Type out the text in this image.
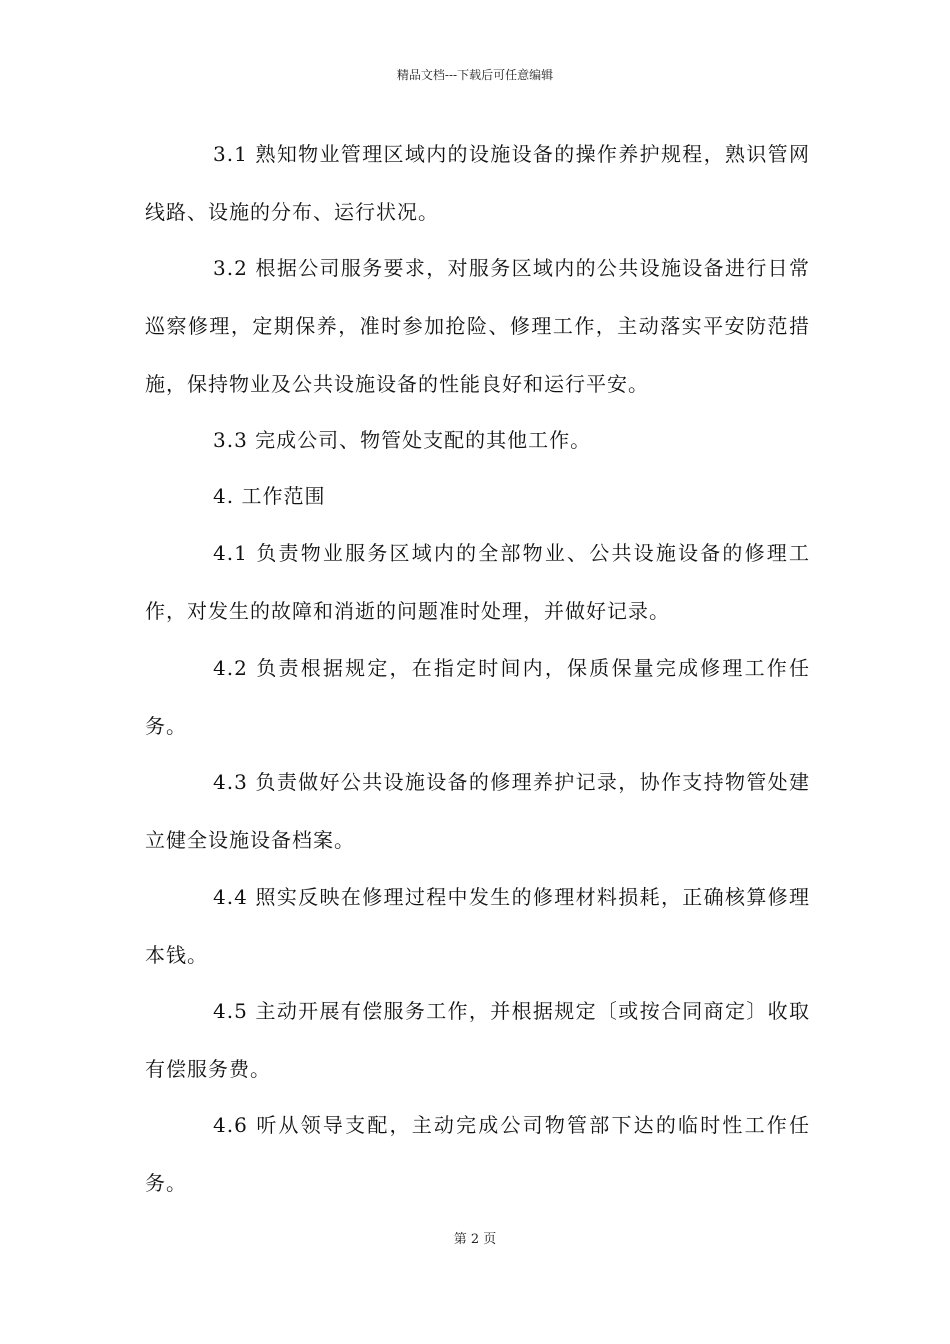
精品文档---下载后可任意编辑

3.1 熟知物业管理区域内的设施设备的操作养护规程，熟识管网线路、设施的分布、运行状况。

3.2 根据公司服务要求，对服务区域内的公共设施设备进行日常巡察修理，定期保养，准时参加抢险、修理工作，主动落实平安防范措施，保持物业及公共设施设备的性能良好和运行平安。

3.3 完成公司、物管处支配的其他工作。

4. 工作范围

4.1 负责物业服务区域内的全部物业、公共设施设备的修理工作，对发生的故障和消逝的问题准时处理，并做好记录。

4.2 负责根据规定，在指定时间内，保质保量完成修理工作任务。

4.3 负责做好公共设施设备的修理养护记录，协作支持物管处建立健全设施设备档案。

4.4 照实反映在修理过程中发生的修理材料损耗，正确核算修理本钱。

4.5 主动开展有偿服务工作，并根据规定〔或按合同商定〕收取有偿服务费。

4.6 听从领导支配，主动完成公司物管部下达的临时性工作任务。

第 2 页
